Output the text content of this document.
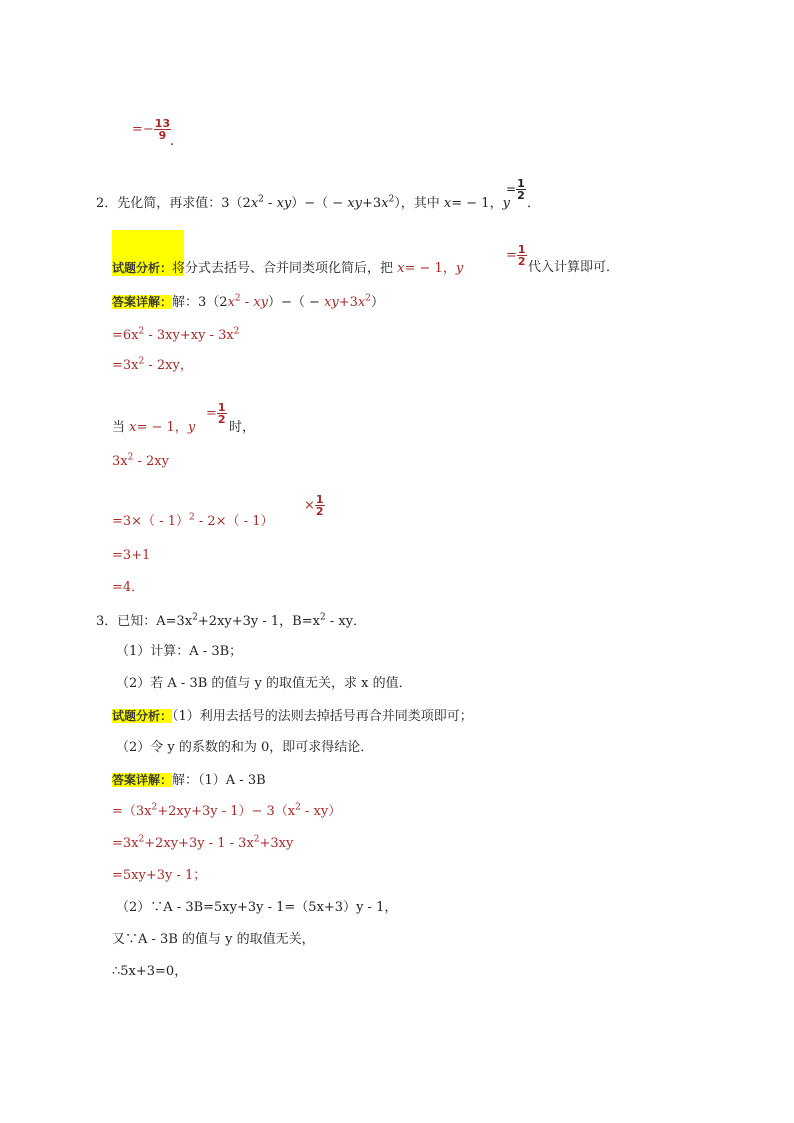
=− $\frac{13}{9}$
.
2．先化简，再求值：$3(2x^2 - xy)-( - xy+3x^2)$，其中 x= − 1，y
= $\frac{1}{2}$
．
试题分析：将分式去括号、合并同类项化简后，把 x= − 1，y
= $\frac{1}{2}$
代入计算即可．
答案详解：解：$3(2x^2 - xy)-( - xy+3x^2)$
$=6x^2 - 3xy+xy - 3x^2$
$=3x^2 - 2xy$，
当 x= − 1，y
= $\frac{1}{2}$
时，
$3x^2 - 2xy$
=3×（ - 1）$^2$ - 2×（ - 1）
× $\frac{1}{2}$
=3+1
=4．
3．已知：$A=3x^2+2xy+3y - 1$，$B=x^2$ - xy．
（1）计算：A - 3B；
（2）若 A - 3B 的值与 y 的取值无关，求 x 的值．
试题分析：（1）利用去括号的法则去掉括号再合并同类项即可；
（2）令 y 的系数的和为 0，即可求得结论．
答案详解：解：（1）A - 3B
$=(3x^2+2xy+3y - 1)- 3(x^2 - xy)$
$=3x^2+2xy+3y - 1 - 3x^2+3xy$
=5xy+3y - 1；
（2）∵A - 3B=5xy+3y - 1=（5x+3）y - 1，
又∵A - 3B 的值与 y 的取值无关，
∴5x+3=0，
